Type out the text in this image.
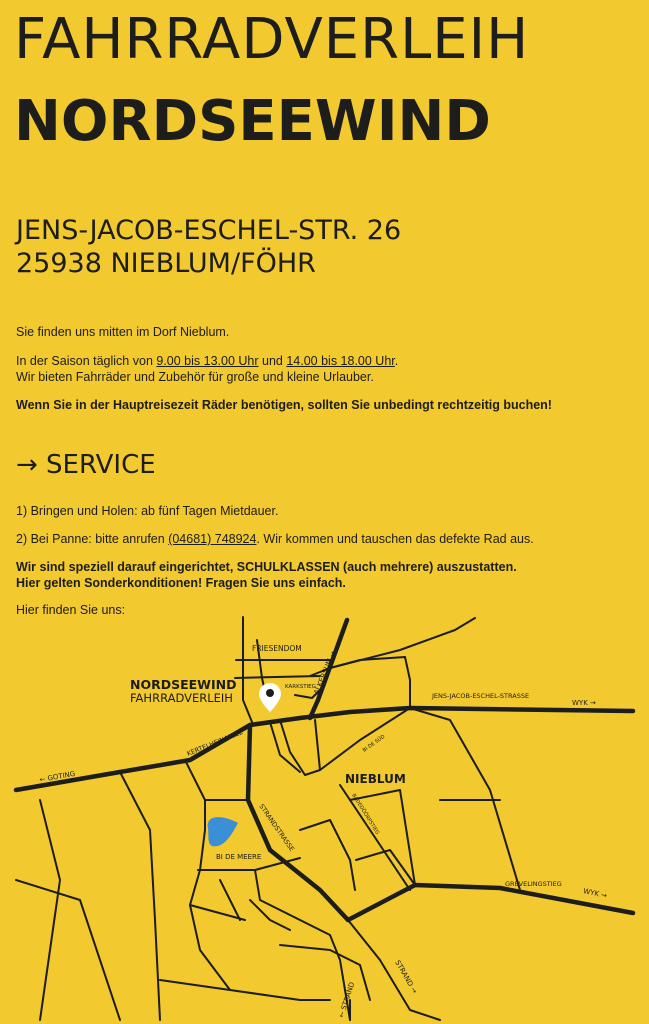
FAHRRADVERLEIH
NORDSEEWIND
JENS-JACOB-ESCHEL-STR. 26
25938 NIEBLUM/FÖHR
Sie finden uns mitten im Dorf Nieblum.
In der Saison täglich von 9.00 bis 13.00 Uhr und 14.00 bis 18.00 Uhr.
Wir bieten Fahrräder und Zubehör für große und kleine Urlauber.
Wenn Sie in der Hauptreisezeit Räder benötigen, sollten Sie unbedingt rechtzeitig buchen!
→ SERVICE
1) Bringen und Holen: ab fünf Tagen Mietdauer.
2) Bei Panne: bitte anrufen (04681) 748924. Wir kommen und tauschen das defekte Rad aus.
Wir sind speziell darauf eingerichtet, SCHULKLASSEN (auch mehrere) auszustatten.
Hier gelten Sonderkonditionen! Fragen Sie uns einfach.
Hier finden Sie uns:
NORDSEEWIND
FAHRRADVERLEIH
NIEBLUM
FRIESENDOM
ALKERSUM →
KARKSTIEG
JENS-JACOB-ESCHEL-STRASSE
WYK →
KERTELHEINALLEE
← GOTING
BI DE SÜD
STRANDSTRASSE	BADEDÖÖRPSTIEG
BI DE MEERE
GREVELINGSTIEG
WYK →
STRAND →
← STRAND
